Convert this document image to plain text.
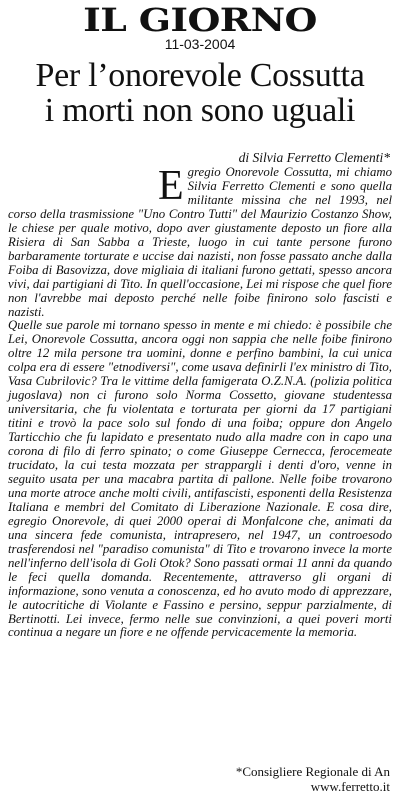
IL GIORNO
11-03-2004
Per l’onorevole Cossutta
i morti non sono uguali
di Silvia Ferretto Clementi*

Egregio Onorevole Cossutta, mi chiamo Silvia Ferretto Clementi e sono quella militante missina che nel 1993, nel corso della trasmissione "Uno Contro Tutti" del Maurizio Costanzo Show, le chiese per quale motivo, dopo aver giustamente deposto un fiore alla Risiera di San Sabba a Trieste, luogo in cui tante persone furono barbaramente torturate e uccise dai nazisti, non fosse passato anche dalla Foiba di Basovizza, dove migliaia di italiani furono gettati, spesso ancora vivi, dai partigiani di Tito. In quell'occasione, Lei mi rispose che quel fiore non l'avrebbe mai deposto perché nelle foibe finirono solo fascisti e nazisti.

Quelle sue parole mi tornano spesso in mente e mi chiedo: è possibile che Lei, Onorevole Cossutta, ancora oggi non sappia che nelle foibe finirono oltre 12 mila persone tra uomini, donne e perfino bambini, la cui unica colpa era di essere "etnodiversi", come usava definirli l'ex ministro di Tito, Vasa Cubrilovic? Tra le vittime della famigerata O.Z.N.A. (polizia politica jugoslava) non ci furono solo Norma Cossetto, giovane studentessa universitaria, che fu violentata e torturata per giorni da 17 partigiani titini e trovò la pace solo sul fondo di una foiba; oppure don Angelo Tarticchio che fu lapidato e presentato nudo alla madre con in capo una corona di filo di ferro spinato; o come Giuseppe Cernecca, ferocemeate trucidato, la cui testa mozzata per strappargli i denti d'oro, venne in seguito usata per una macabra partita di pallone. Nelle foibe trovarono una morte atroce anche molti civili, antifascisti, esponenti della Resistenza Italiana e membri del Comitato di Liberazione Nazionale. E cosa dire, egregio Onorevole, di quei 2000 operai di Monfalcone che, animati da una sincera fede comunista, intrapresero, nel 1947, un controesodo trasferendosi nel "paradiso comunista" di Tito e trovarono invece la morte nell'inferno dell'isola di Goli Otok? Sono passati ormai 11 anni da quando le feci quella domanda. Recentemente, attraverso gli organi di informazione, sono venuta a conoscenza, ed ho avuto modo di apprezzare, le autocritiche di Violante e Fassino e persino, seppur parzialmente, di Bertinotti. Lei invece, fermo nelle sue convinzioni, a quei poveri morti continua a negare un fiore e ne offende pervicacemente la memoria.

*Consigliere Regionale di An
www.ferretto.it
